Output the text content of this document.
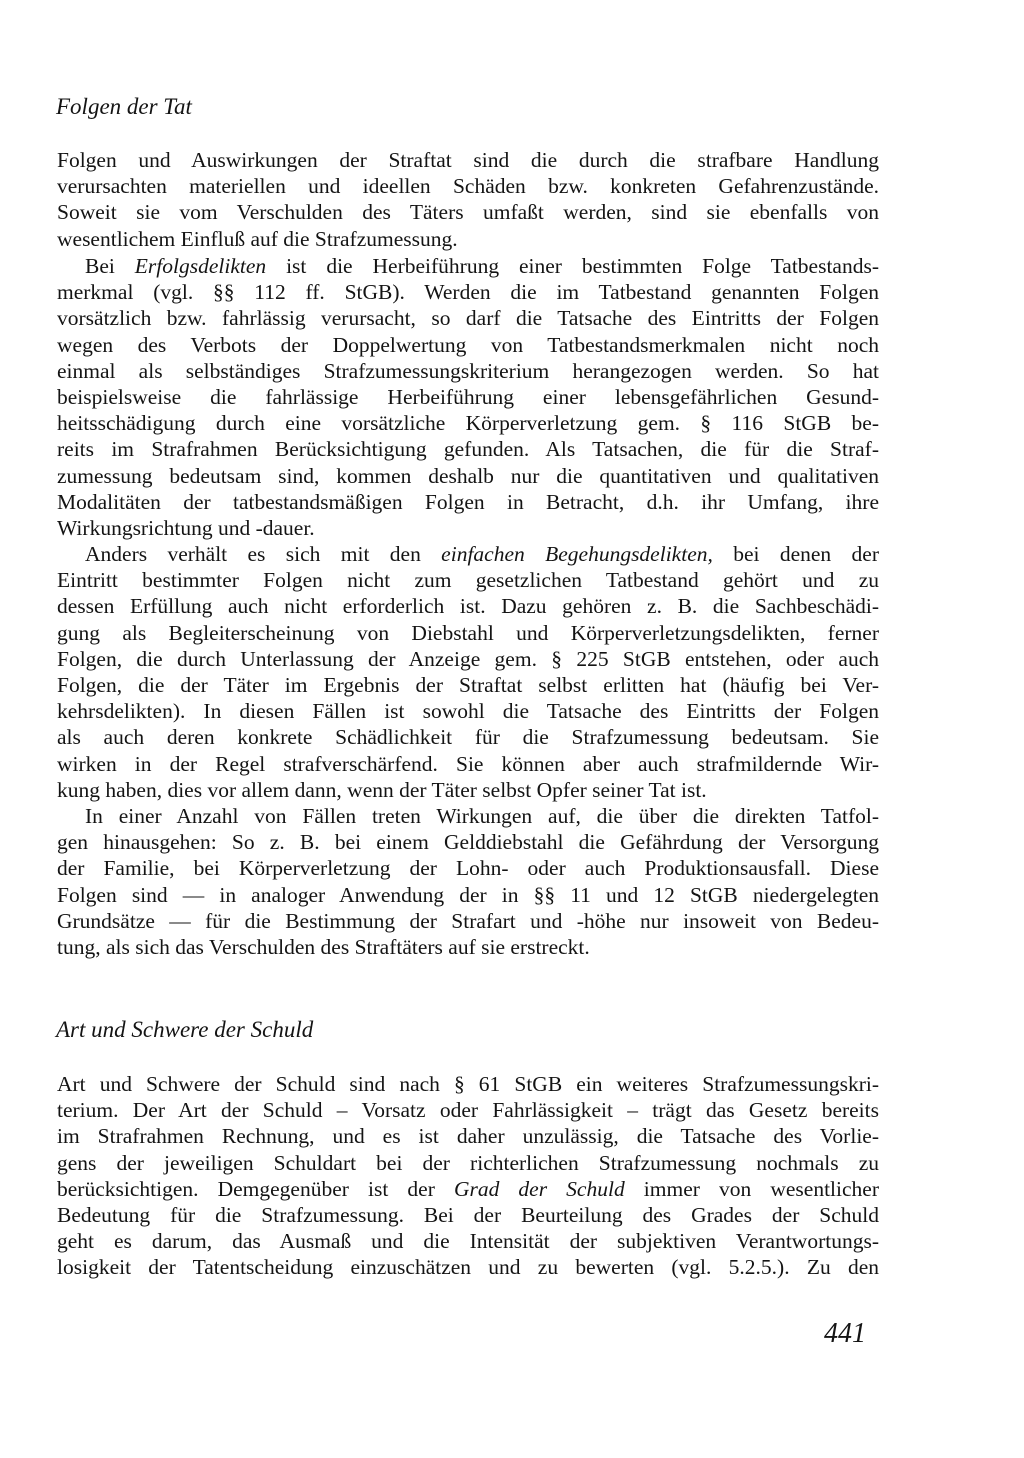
Folgen der Tat
Folgen und Auswirkungen der Straftat sind die durch die strafbare Handlung
verursachten materiellen und ideellen Schäden bzw. konkreten Gefahrenzustände.
Soweit sie vom Verschulden des Täters umfaßt werden, sind sie ebenfalls von
wesentlichem Einfluß auf die Strafzumessung.
Bei Erfolgsdelikten ist die Herbeiführung einer bestimmten Folge Tatbestands-
merkmal (vgl. §§ 112 ff. StGB). Werden die im Tatbestand genannten Folgen
vorsätzlich bzw. fahrlässig verursacht, so darf die Tatsache des Eintritts der Folgen
wegen des Verbots der Doppelwertung von Tatbestandsmerkmalen nicht noch
einmal als selbständiges Strafzumessungskriterium herangezogen werden. So hat
beispielsweise die fahrlässige Herbeiführung einer lebensgefährlichen Gesund-
heitsschädigung durch eine vorsätzliche Körperverletzung gem. § 116 StGB be-
reits im Strafrahmen Berücksichtigung gefunden. Als Tatsachen, die für die Straf-
zumessung bedeutsam sind, kommen deshalb nur die quantitativen und qualitativen
Modalitäten der tatbestandsmäßigen Folgen in Betracht, d.h. ihr Umfang, ihre
Wirkungsrichtung und -dauer.
Anders verhält es sich mit den einfachen Begehungsdelikten, bei denen der
Eintritt bestimmter Folgen nicht zum gesetzlichen Tatbestand gehört und zu
dessen Erfüllung auch nicht erforderlich ist. Dazu gehören z. B. die Sachbeschädi-
gung als Begleiterscheinung von Diebstahl und Körperverletzungsdelikten, ferner
Folgen, die durch Unterlassung der Anzeige gem. § 225 StGB entstehen, oder auch
Folgen, die der Täter im Ergebnis der Straftat selbst erlitten hat (häufig bei Ver-
kehrsdelikten). In diesen Fällen ist sowohl die Tatsache des Eintritts der Folgen
als auch deren konkrete Schädlichkeit für die Strafzumessung bedeutsam. Sie
wirken in der Regel strafverschärfend. Sie können aber auch strafmildernde Wir-
kung haben, dies vor allem dann, wenn der Täter selbst Opfer seiner Tat ist.
In einer Anzahl von Fällen treten Wirkungen auf, die über die direkten Tatfol-
gen hinausgehen: So z. B. bei einem Gelddiebstahl die Gefährdung der Versorgung
der Familie, bei Körperverletzung der Lohn- oder auch Produktionsausfall. Diese
Folgen sind — in analoger Anwendung der in §§ 11 und 12 StGB niedergelegten
Grundsätze — für die Bestimmung der Strafart und -höhe nur insoweit von Bedeu-
tung, als sich das Verschulden des Straftäters auf sie erstreckt.
Art und Schwere der Schuld
Art und Schwere der Schuld sind nach § 61 StGB ein weiteres Strafzumessungskri-
terium. Der Art der Schuld – Vorsatz oder Fahrlässigkeit – trägt das Gesetz bereits
im Strafrahmen Rechnung, und es ist daher unzulässig, die Tatsache des Vorlie-
gens der jeweiligen Schuldart bei der richterlichen Strafzumessung nochmals zu
berücksichtigen. Demgegenüber ist der Grad der Schuld immer von wesentlicher
Bedeutung für die Strafzumessung. Bei der Beurteilung des Grades der Schuld
geht es darum, das Ausmaß und die Intensität der subjektiven Verantwortungs-
losigkeit der Tatentscheidung einzuschätzen und zu bewerten (vgl. 5.2.5.). Zu den
441
